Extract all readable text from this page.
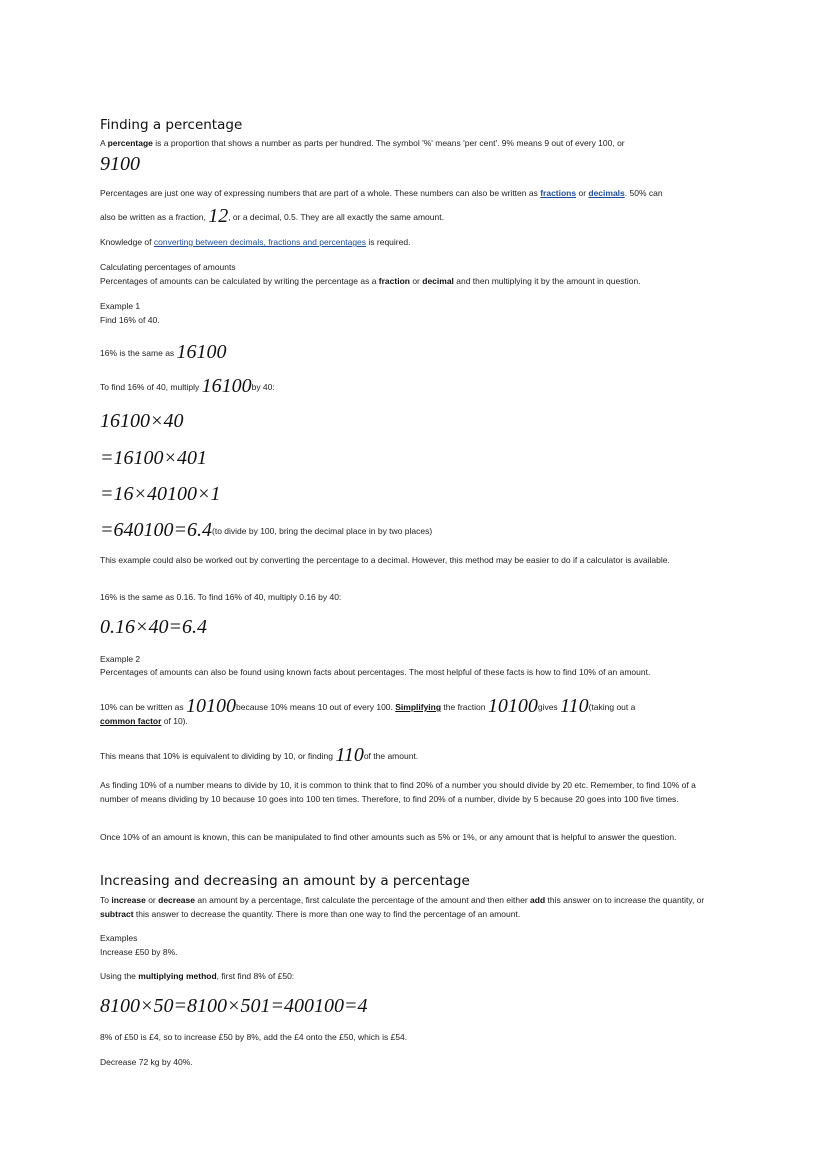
Finding a percentage
A percentage is a proportion that shows a number as parts per hundred. The symbol '%' means 'per cent'. 9% means 9 out of every 100, or
9100
Percentages are just one way of expressing numbers that are part of a whole. These numbers can also be written as fractions or decimals. 50% can
also be written as a fraction, 12, or a decimal, 0.5. They are all exactly the same amount.
Knowledge of converting between decimals, fractions and percentages is required.
Calculating percentages of amounts
Percentages of amounts can be calculated by writing the percentage as a fraction or decimal and then multiplying it by the amount in question.
Example 1
Find 16% of 40.
16% is the same as 16100
To find 16% of 40, multiply 16100by 40:
16100×40
=16100×401
=16×40100×1
=640100=6.4(to divide by 100, bring the decimal place in by two places)
This example could also be worked out by converting the percentage to a decimal. However, this method may be easier to do if a calculator is available.
16% is the same as 0.16. To find 16% of 40, multiply 0.16 by 40:
0.16×40=6.4
Example 2
Percentages of amounts can also be found using known facts about percentages. The most helpful of these facts is how to find 10% of an amount.
10% can be written as 10100because 10% means 10 out of every 100. Simplifying the fraction 10100gives 110(taking out a
common factor of 10).
This means that 10% is equivalent to dividing by 10, or finding 110of the amount.
As finding 10% of a number means to divide by 10, it is common to think that to find 20% of a number you should divide by 20 etc. Remember, to find 10% of a number of means dividing by 10 because 10 goes into 100 ten times. Therefore, to find 20% of a number, divide by 5 because 20 goes into 100 five times.
Once 10% of an amount is known, this can be manipulated to find other amounts such as 5% or 1%, or any amount that is helpful to answer the question.
Increasing and decreasing an amount by a percentage
To increase or decrease an amount by a percentage, first calculate the percentage of the amount and then either add this answer on to increase the quantity, or subtract this answer to decrease the quantity. There is more than one way to find the percentage of an amount.
Examples
Increase £50 by 8%.
Using the multiplying method, first find 8% of £50:
8100×50=8100×501=400100=4
8% of £50 is £4, so to increase £50 by 8%, add the £4 onto the £50, which is £54.
Decrease 72 kg by 40%.
